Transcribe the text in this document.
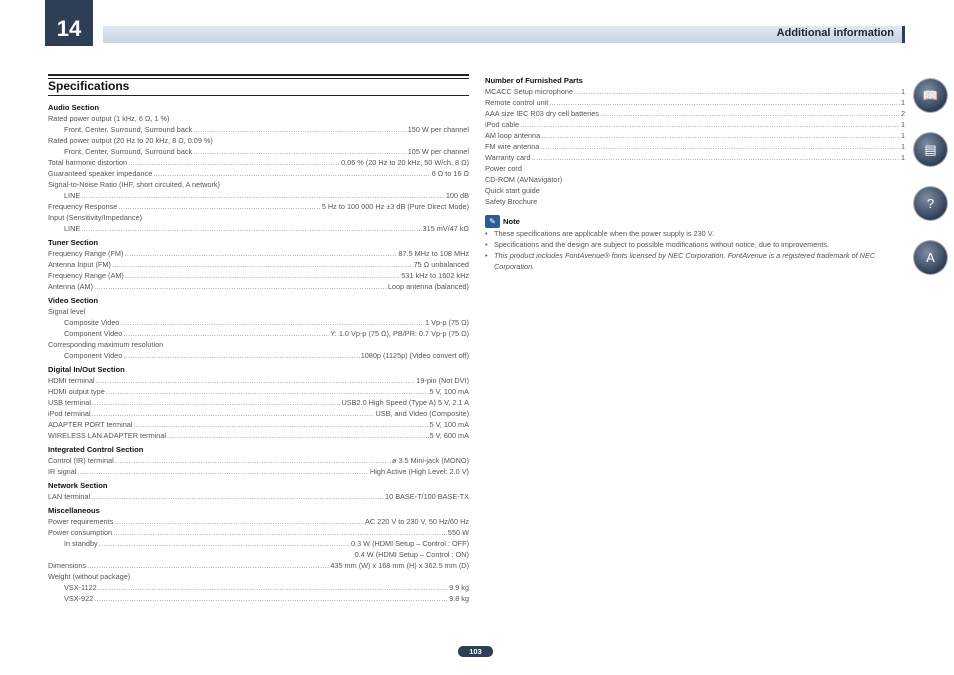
14	Additional information
Specifications
Audio Section
Rated power output (1 kHz, 6 Ω, 1 %)
Front, Center, Surround, Surround back .....	150 W per channel
Rated power output (20 Hz to 20 kHz, 8 Ω, 0.09 %)
Front, Center, Surround, Surround back .....	105 W per channel
Total harmonic distortion .....	0.06 % (20 Hz to 20 kHz, 50 W/ch, 8 Ω)
Guaranteed speaker impedance .....	6 Ω to 16 Ω
Signal-to-Noise Ratio (IHF, short circuited, A network)
LINE .....	100 dB
Frequency Response .....	5 Hz to 100 000 Hz ±3 dB (Pure Direct Mode)
Input (Sensitivity/Impedance)
LINE .....	315 mV/47 kΩ
Tuner Section
Frequency Range (FM) .....	87.5 MHz to 108 MHz
Antenna Input (FM) .....	75 Ω unbalanced
Frequency Range (AM) .....	531 kHz to 1602 kHz
Antenna (AM) .....	Loop antenna (balanced)
Video Section
Signal level
Composite Video .....	1 Vp-p (75 Ω)
Component Video .....	Y: 1.0 Vp-p (75 Ω), PB/PR: 0.7 Vp-p (75 Ω)
Corresponding maximum resolution
Component Video .....	1080p (1125p) (Video convert off)
Digital In/Out Section
HDMI terminal .....	19-pin (Not DVI)
HDMI output type .....	5 V, 100 mA
USB terminal .....	USB2.0 High Speed (Type A) 5 V, 2.1 A
iPod terminal .....	USB, and Video (Composite)
ADAPTER PORT terminal .....	5 V, 100 mA
WIRELESS LAN ADAPTER terminal .....	5 V, 600 mA
Integrated Control Section
Control (IR) terminal .....	ø 3.5 Mini-jack (MONO)
IR signal .....	High Active (High Level: 2.0 V)
Network Section
LAN terminal .....	10 BASE-T/100 BASE-TX
Miscellaneous
Power requirements .....	AC 220 V to 230 V, 50 Hz/60 Hz
Power consumption .....	550 W
In standby .....	0.3 W (HDMI Setup – Control : OFF)
0.4 W (HDMI Setup – Control : ON)
Dimensions .....	435 mm (W) x 168 mm (H) x 362.5 mm (D)
Weight (without package)
VSX-1122 .....	9.9 kg
VSX-922 .....	9.8 kg
Number of Furnished Parts
MCACC Setup microphone .....	1
Remote control unit .....	1
AAA size IEC R03 dry cell batteries .....	2
iPod cable .....	1
AM loop antenna .....	1
FM wire antenna .....	1
Warranty card .....	1
Power cord
CD-ROM (AVNavigator)
Quick start guide
Safety Brochure
✎ Note
• These specifications are applicable when the power supply is 230 V.
• Specifications and the design are subject to possible modifications without notice, due to improvements.
• This product includes FontAvenue® fonts licensed by NEC Corporation. FontAvenue is a registered trademark of NEC Corporation.
📖
▤
?
A
103
